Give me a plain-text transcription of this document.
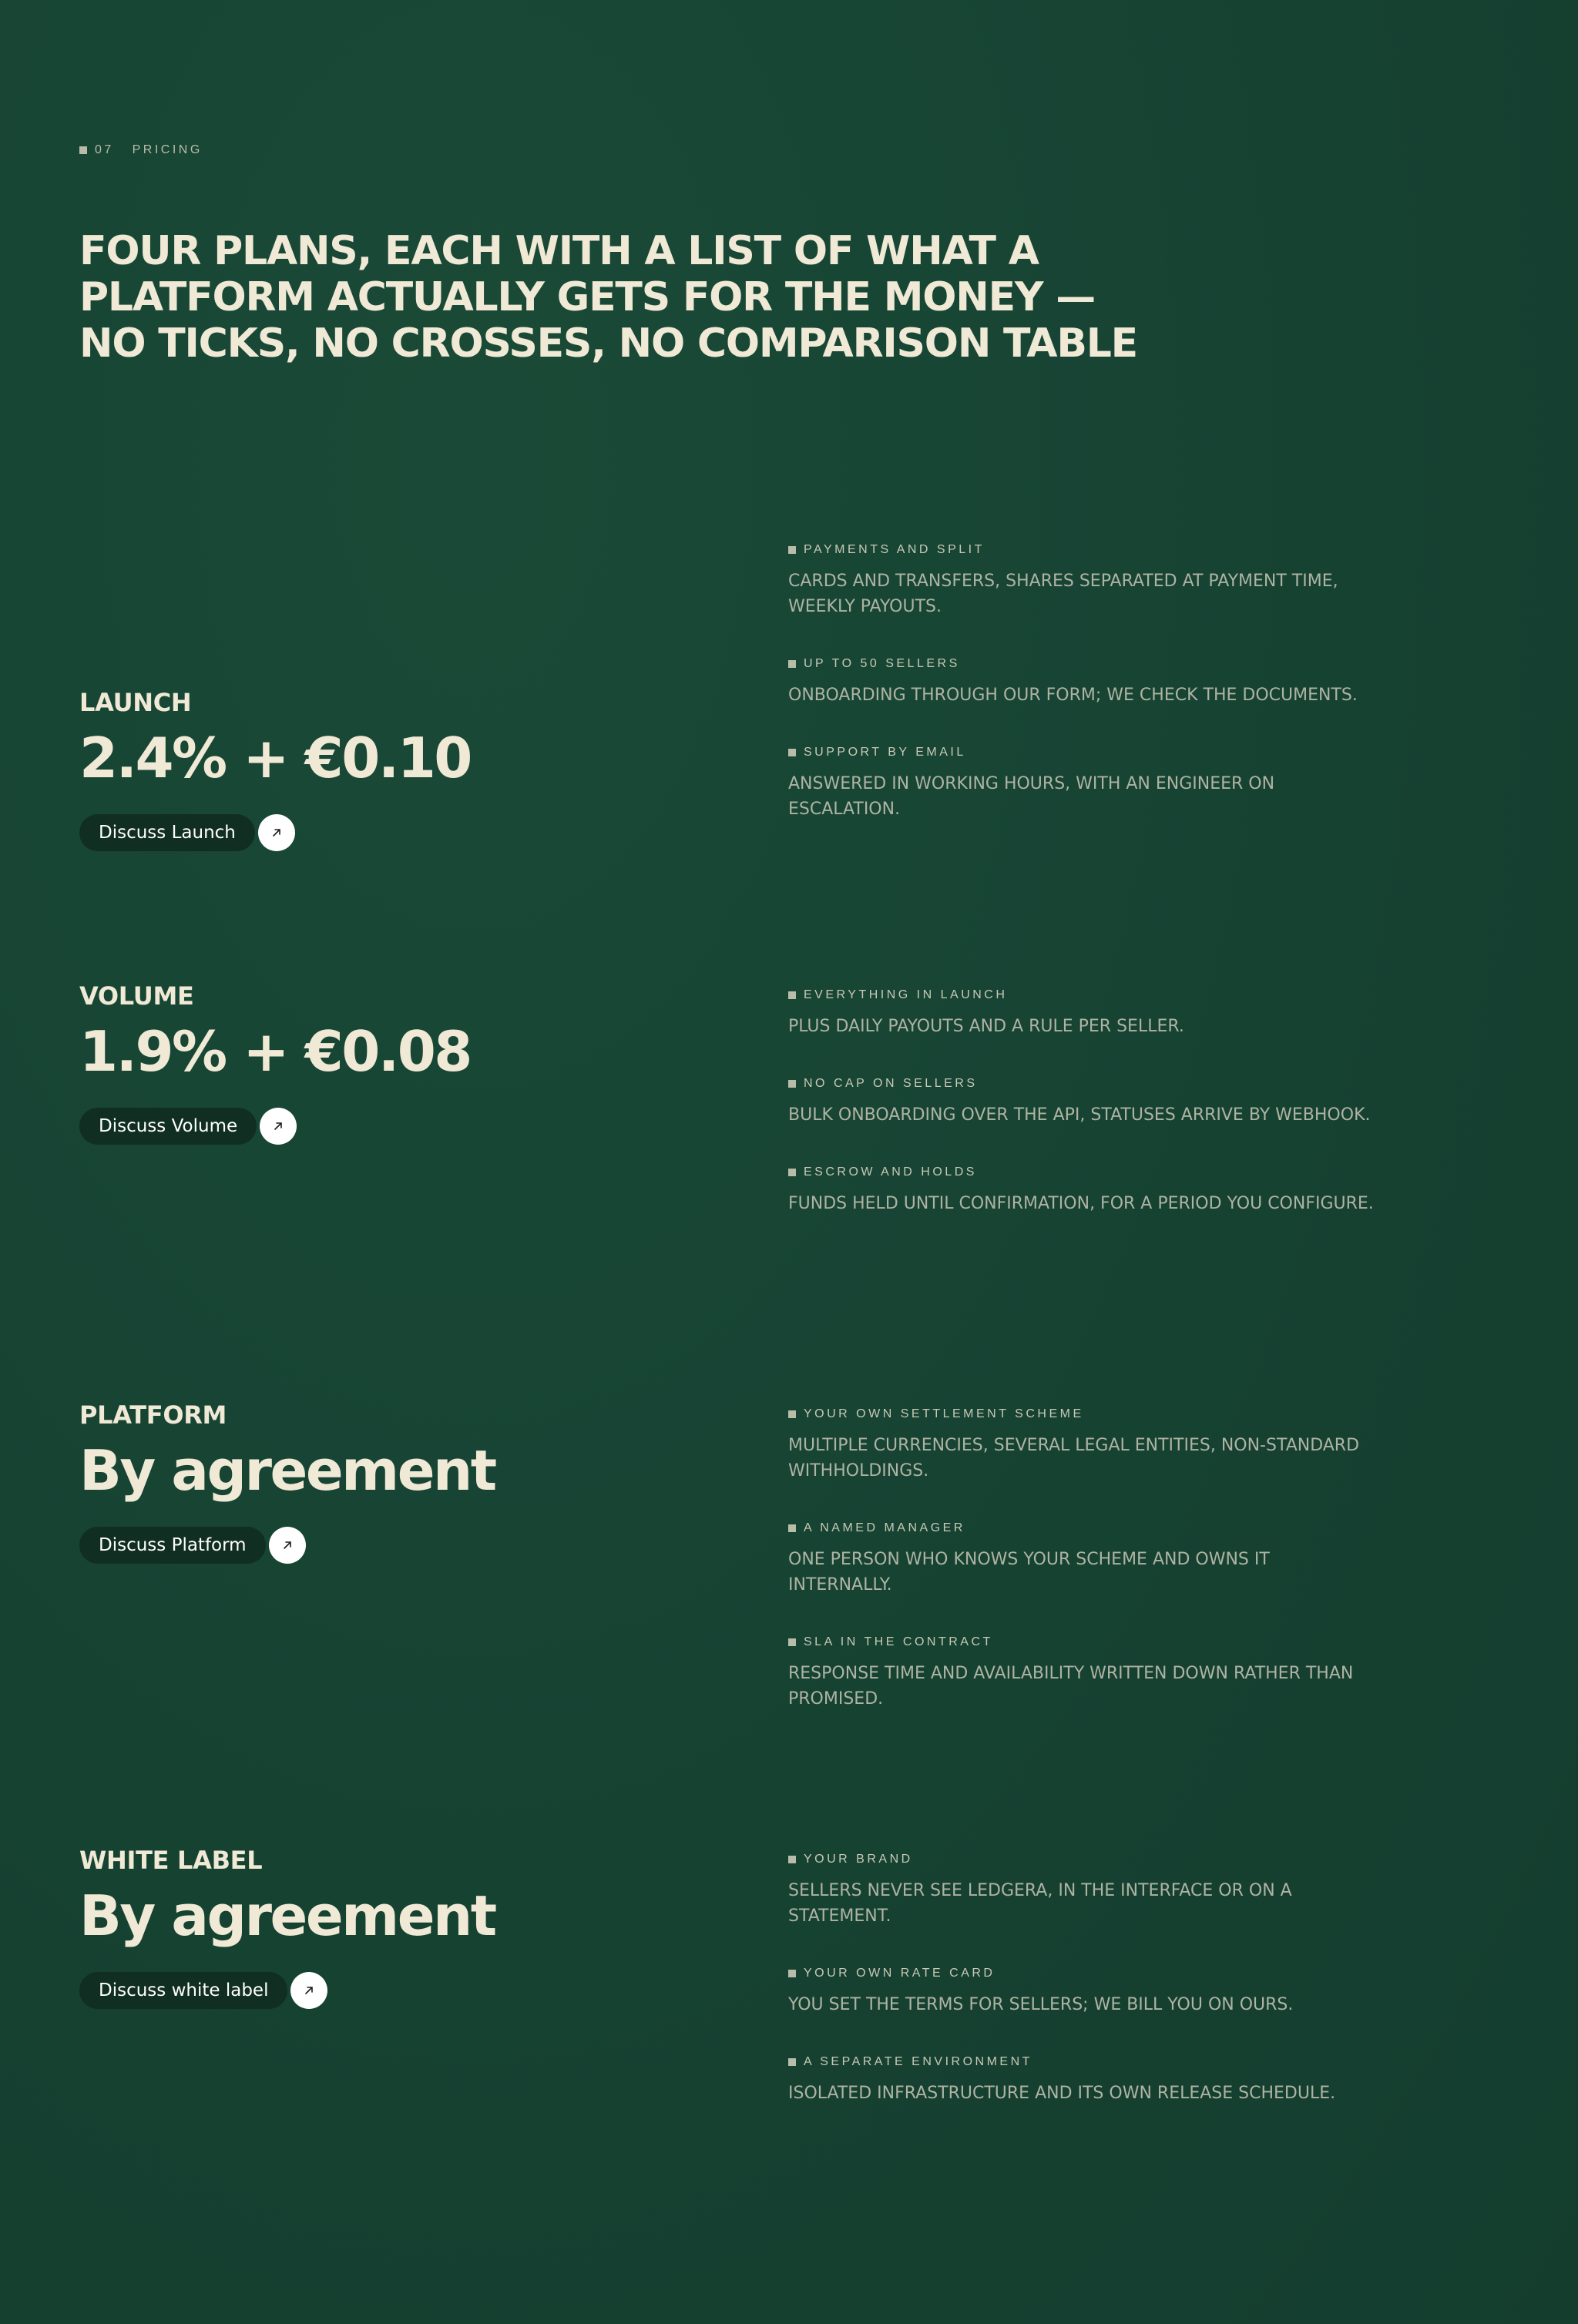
07   PRICING
FOUR PLANS, EACH WITH A LIST OF WHAT A PLATFORM ACTUALLY GETS FOR THE MONEY — NO TICKS, NO CROSSES, NO COMPARISON TABLE
LAUNCH
2.4% + €0.10
Discuss Launch
PAYMENTS AND SPLIT
CARDS AND TRANSFERS, SHARES SEPARATED AT PAYMENT TIME, WEEKLY PAYOUTS.
UP TO 50 SELLERS
ONBOARDING THROUGH OUR FORM; WE CHECK THE DOCUMENTS.
SUPPORT BY EMAIL
ANSWERED IN WORKING HOURS, WITH AN ENGINEER ON ESCALATION.
VOLUME
1.9% + €0.08
Discuss Volume
EVERYTHING IN LAUNCH
PLUS DAILY PAYOUTS AND A RULE PER SELLER.
NO CAP ON SELLERS
BULK ONBOARDING OVER THE API, STATUSES ARRIVE BY WEBHOOK.
ESCROW AND HOLDS
FUNDS HELD UNTIL CONFIRMATION, FOR A PERIOD YOU CONFIGURE.
PLATFORM
By agreement
Discuss Platform
YOUR OWN SETTLEMENT SCHEME
MULTIPLE CURRENCIES, SEVERAL LEGAL ENTITIES, NON-STANDARD WITHHOLDINGS.
A NAMED MANAGER
ONE PERSON WHO KNOWS YOUR SCHEME AND OWNS IT INTERNALLY.
SLA IN THE CONTRACT
RESPONSE TIME AND AVAILABILITY WRITTEN DOWN RATHER THAN PROMISED.
WHITE LABEL
By agreement
Discuss white label
YOUR BRAND
SELLERS NEVER SEE LEDGERA, IN THE INTERFACE OR ON A STATEMENT.
YOUR OWN RATE CARD
YOU SET THE TERMS FOR SELLERS; WE BILL YOU ON OURS.
A SEPARATE ENVIRONMENT
ISOLATED INFRASTRUCTURE AND ITS OWN RELEASE SCHEDULE.
